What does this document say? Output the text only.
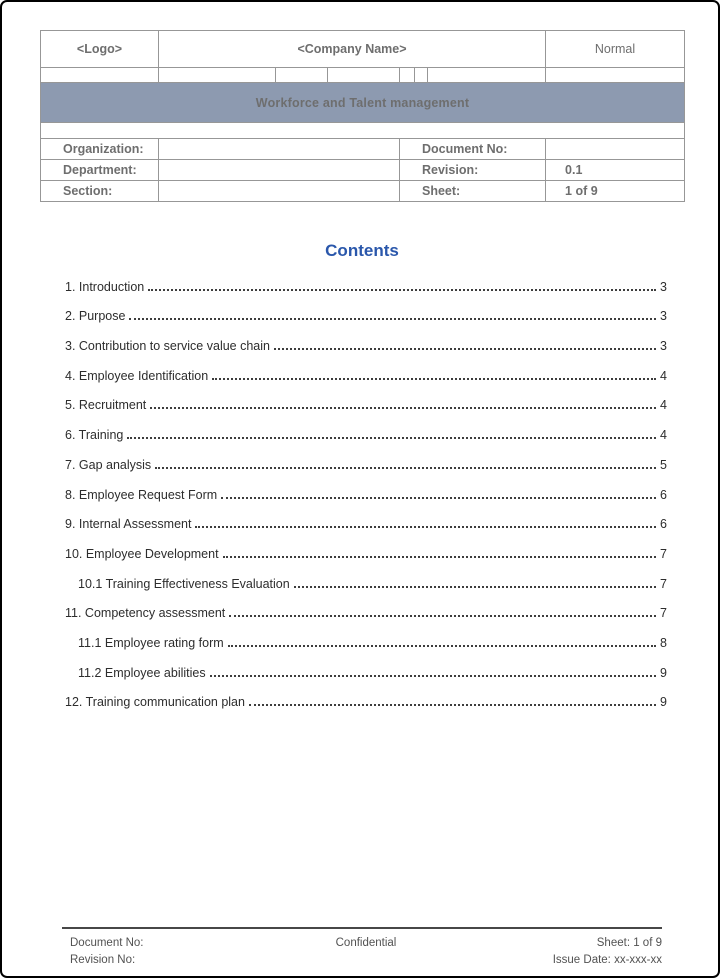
<Logo>	<Company Name>						Normal

Workforce and Talent management							

Organization:				Document No:			
Department:				Revision:			0.1
Section:				Sheet:			1 of 9
Contents
1. Introduction	3
2. Purpose	3
3. Contribution to service value chain	3
4. Employee Identification	4
5. Recruitment	4
6. Training	4
7. Gap analysis	5
8. Employee Request Form	6
9. Internal Assessment	6
10. Employee Development	7
10.1 Training Effectiveness Evaluation	7
11. Competency assessment	7
11.1 Employee rating form	8
11.2 Employee abilities	9
12. Training communication plan	9
Document No:
Revision No:
Confidential	Sheet: 1 of 9
Issue Date: xx-xxx-xx
